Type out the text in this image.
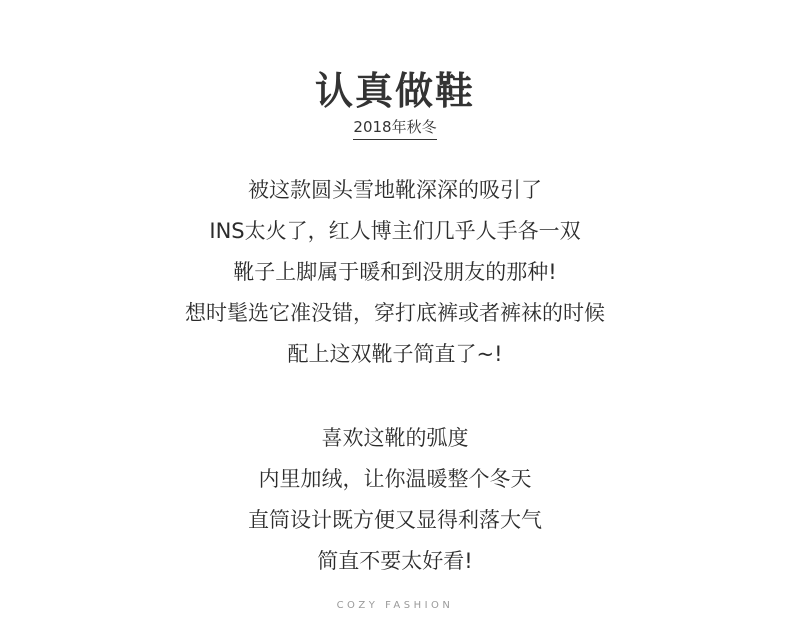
认真做鞋
2018年秋冬
被这款圆头雪地靴深深的吸引了
INS太火了，红人博主们几乎人手各一双
靴子上脚属于暖和到没朋友的那种!
想时髦选它准没错，穿打底裤或者裤袜的时候
配上这双靴子简直了~!
喜欢这靴的弧度
内里加绒，让你温暖整个冬天
直筒设计既方便又显得利落大气
简直不要太好看!
COZY FASHION
